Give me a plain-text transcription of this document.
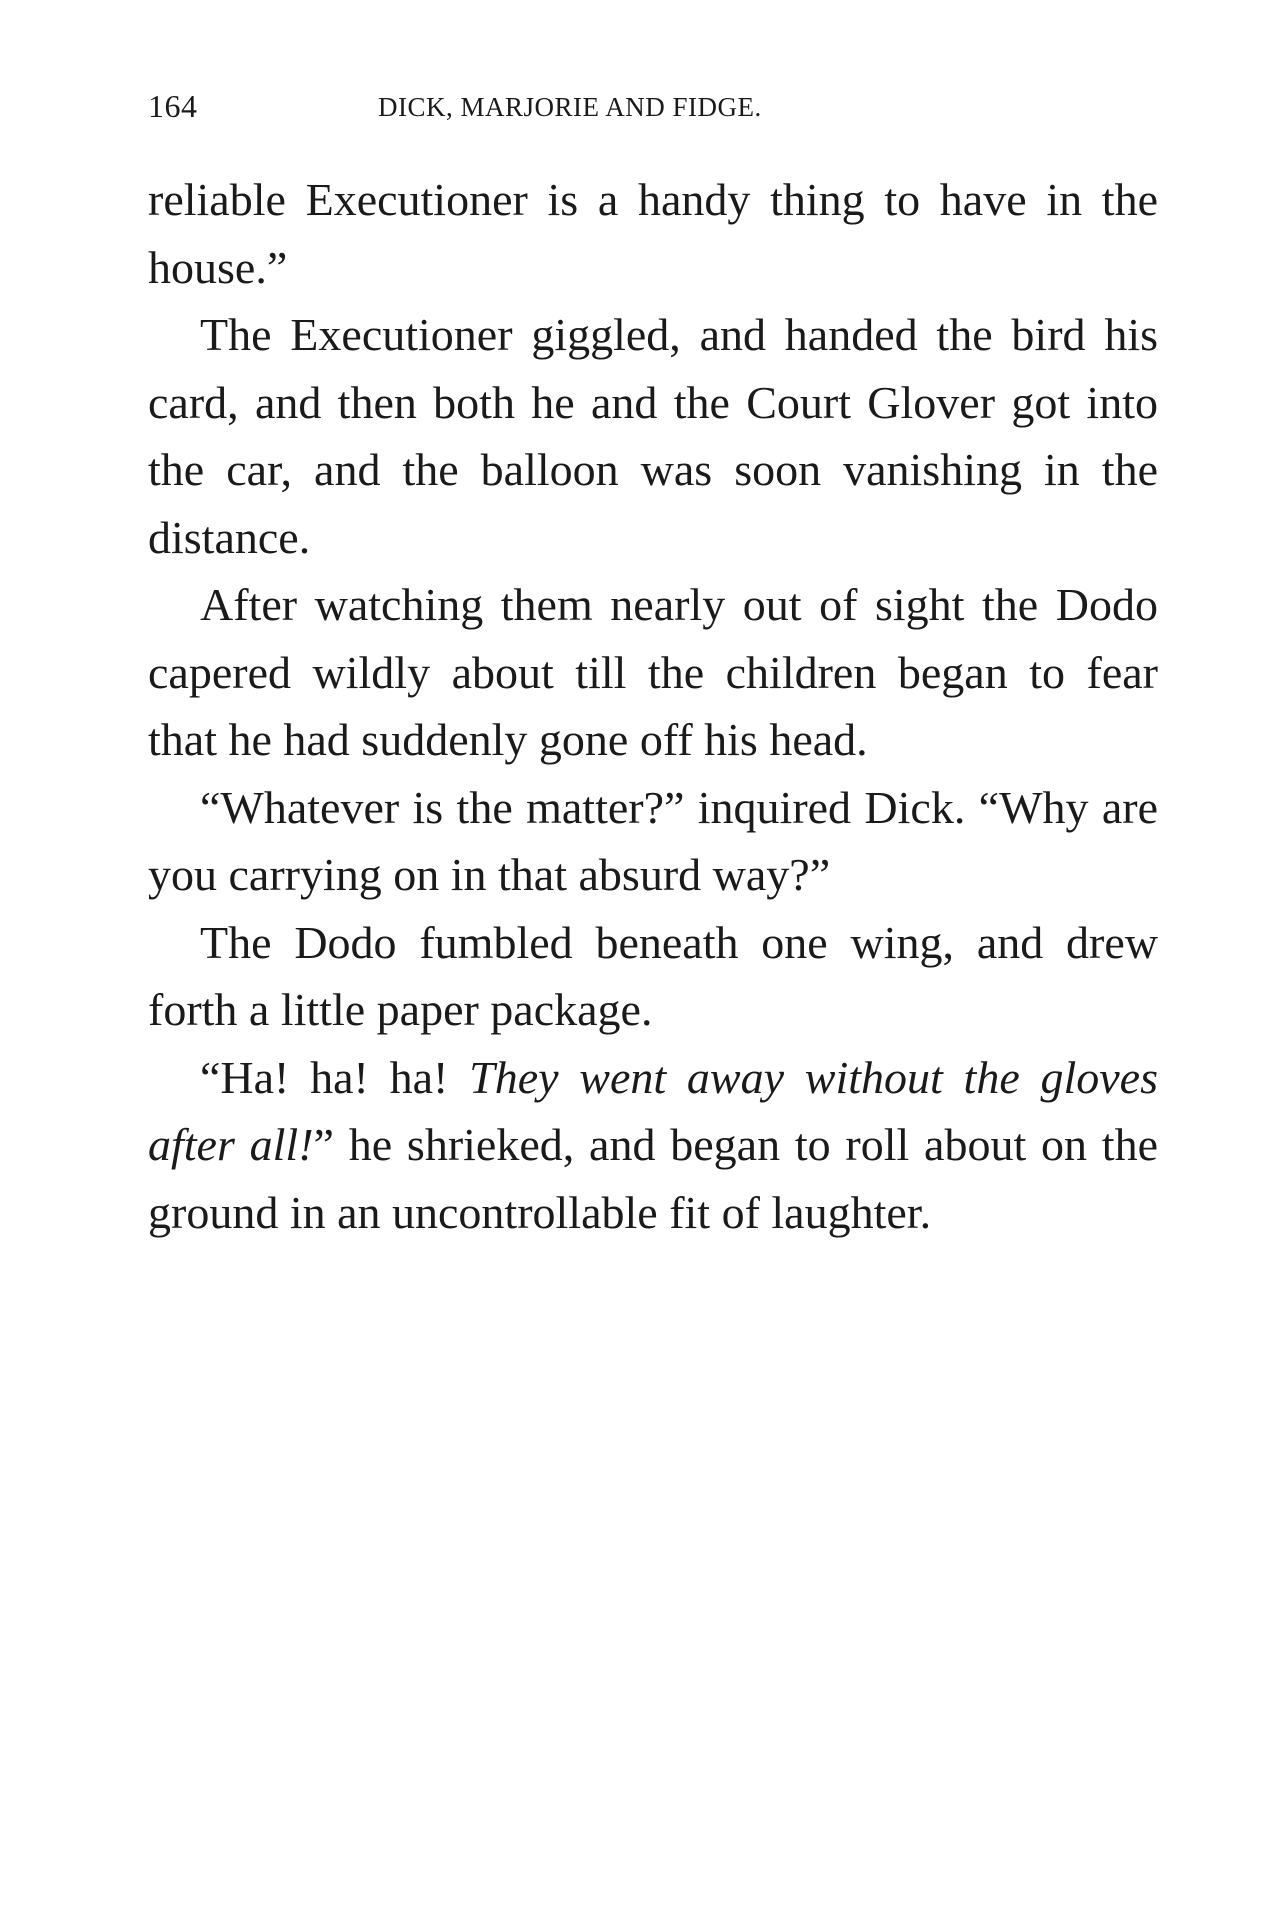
164	DICK, MARJORIE AND FIDGE.

reliable Executioner is a handy thing to have in the house.”

The Executioner giggled, and handed the bird his card, and then both he and the Court Glover got into the car, and the balloon was soon vanishing in the distance.

After watching them nearly out of sight the Dodo capered wildly about till the children began to fear that he had suddenly gone off his head.

“Whatever is the matter?” inquired Dick. “Why are you carrying on in that absurd way?”

The Dodo fumbled beneath one wing, and drew forth a little paper package.

“Ha! ha! ha! They went away without the gloves after all!” he shrieked, and began to roll about on the ground in an uncontrollable fit of laughter.
